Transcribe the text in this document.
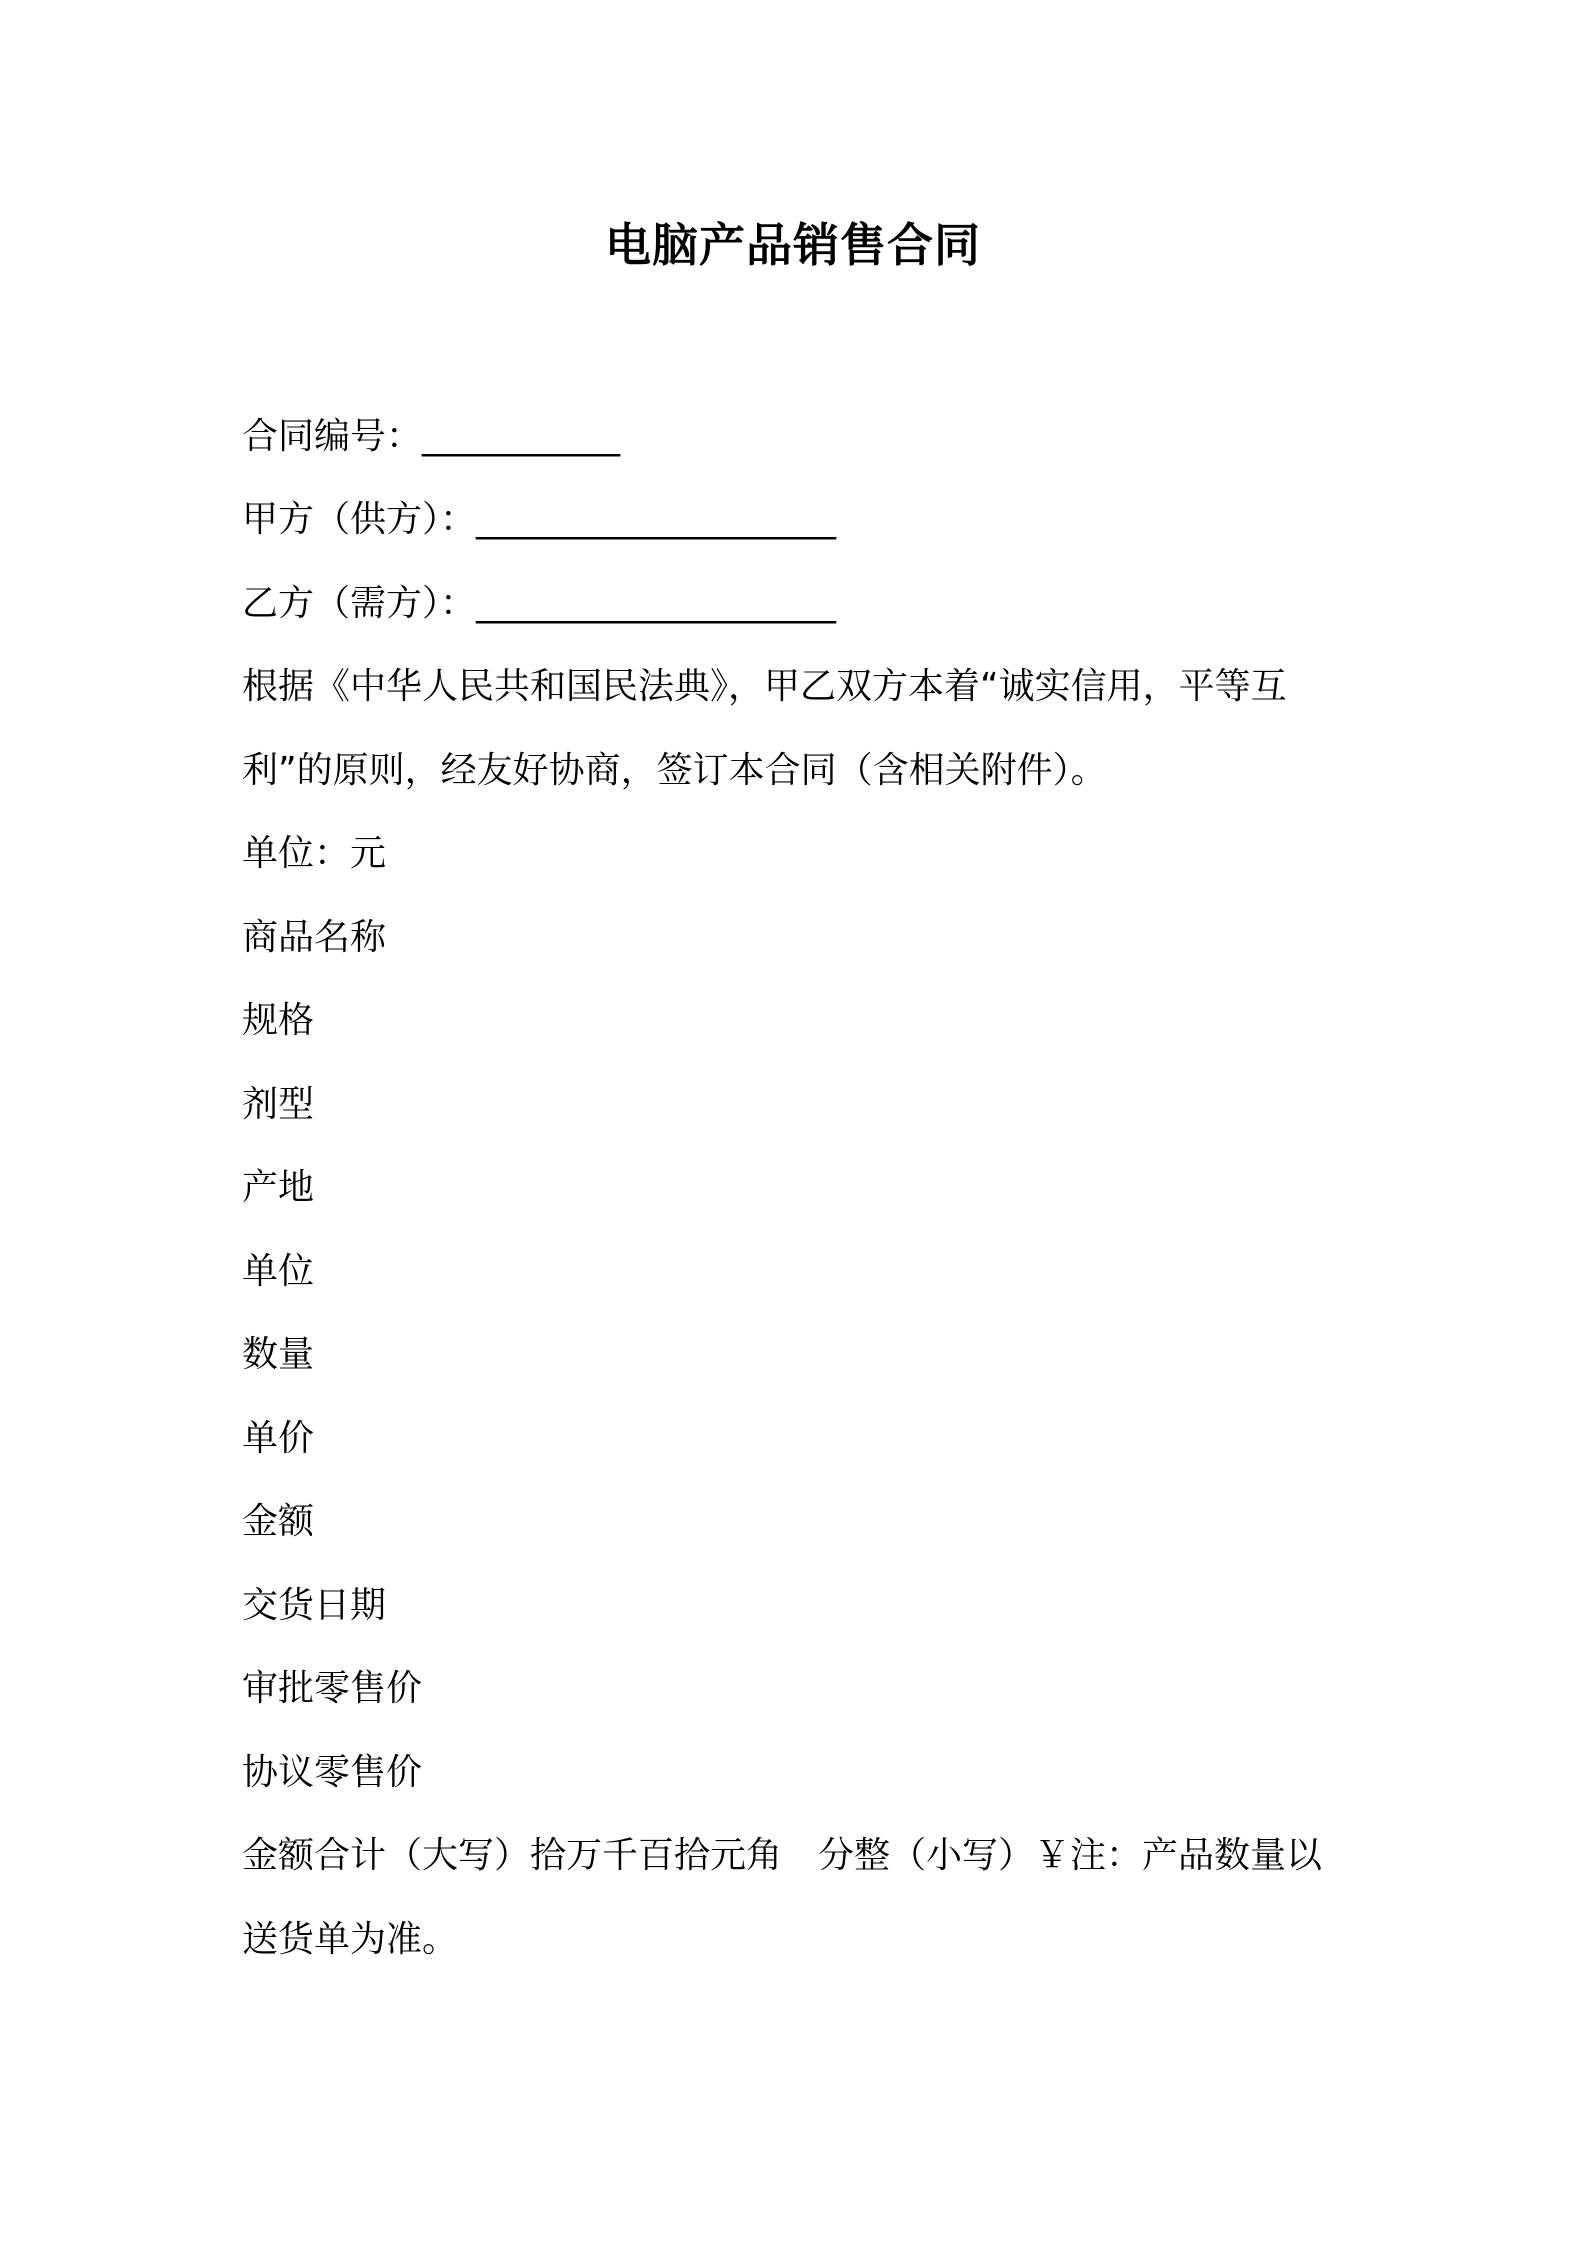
电脑产品销售合同
合同编号：___________
甲方（供方）：____________________
乙方（需方）：____________________
根据《中华人民共和国民法典》，甲乙双方本着“诚实信用，平等互
利”的原则，经友好协商，签订本合同（含相关附件）。
单位：元
商品名称
规格
剂型
产地
单位
数量
单价
金额
交货日期
审批零售价
协议零售价
金额合计（大写）拾万千百拾元角　分整（小写）￥注：产品数量以
送货单为准。
